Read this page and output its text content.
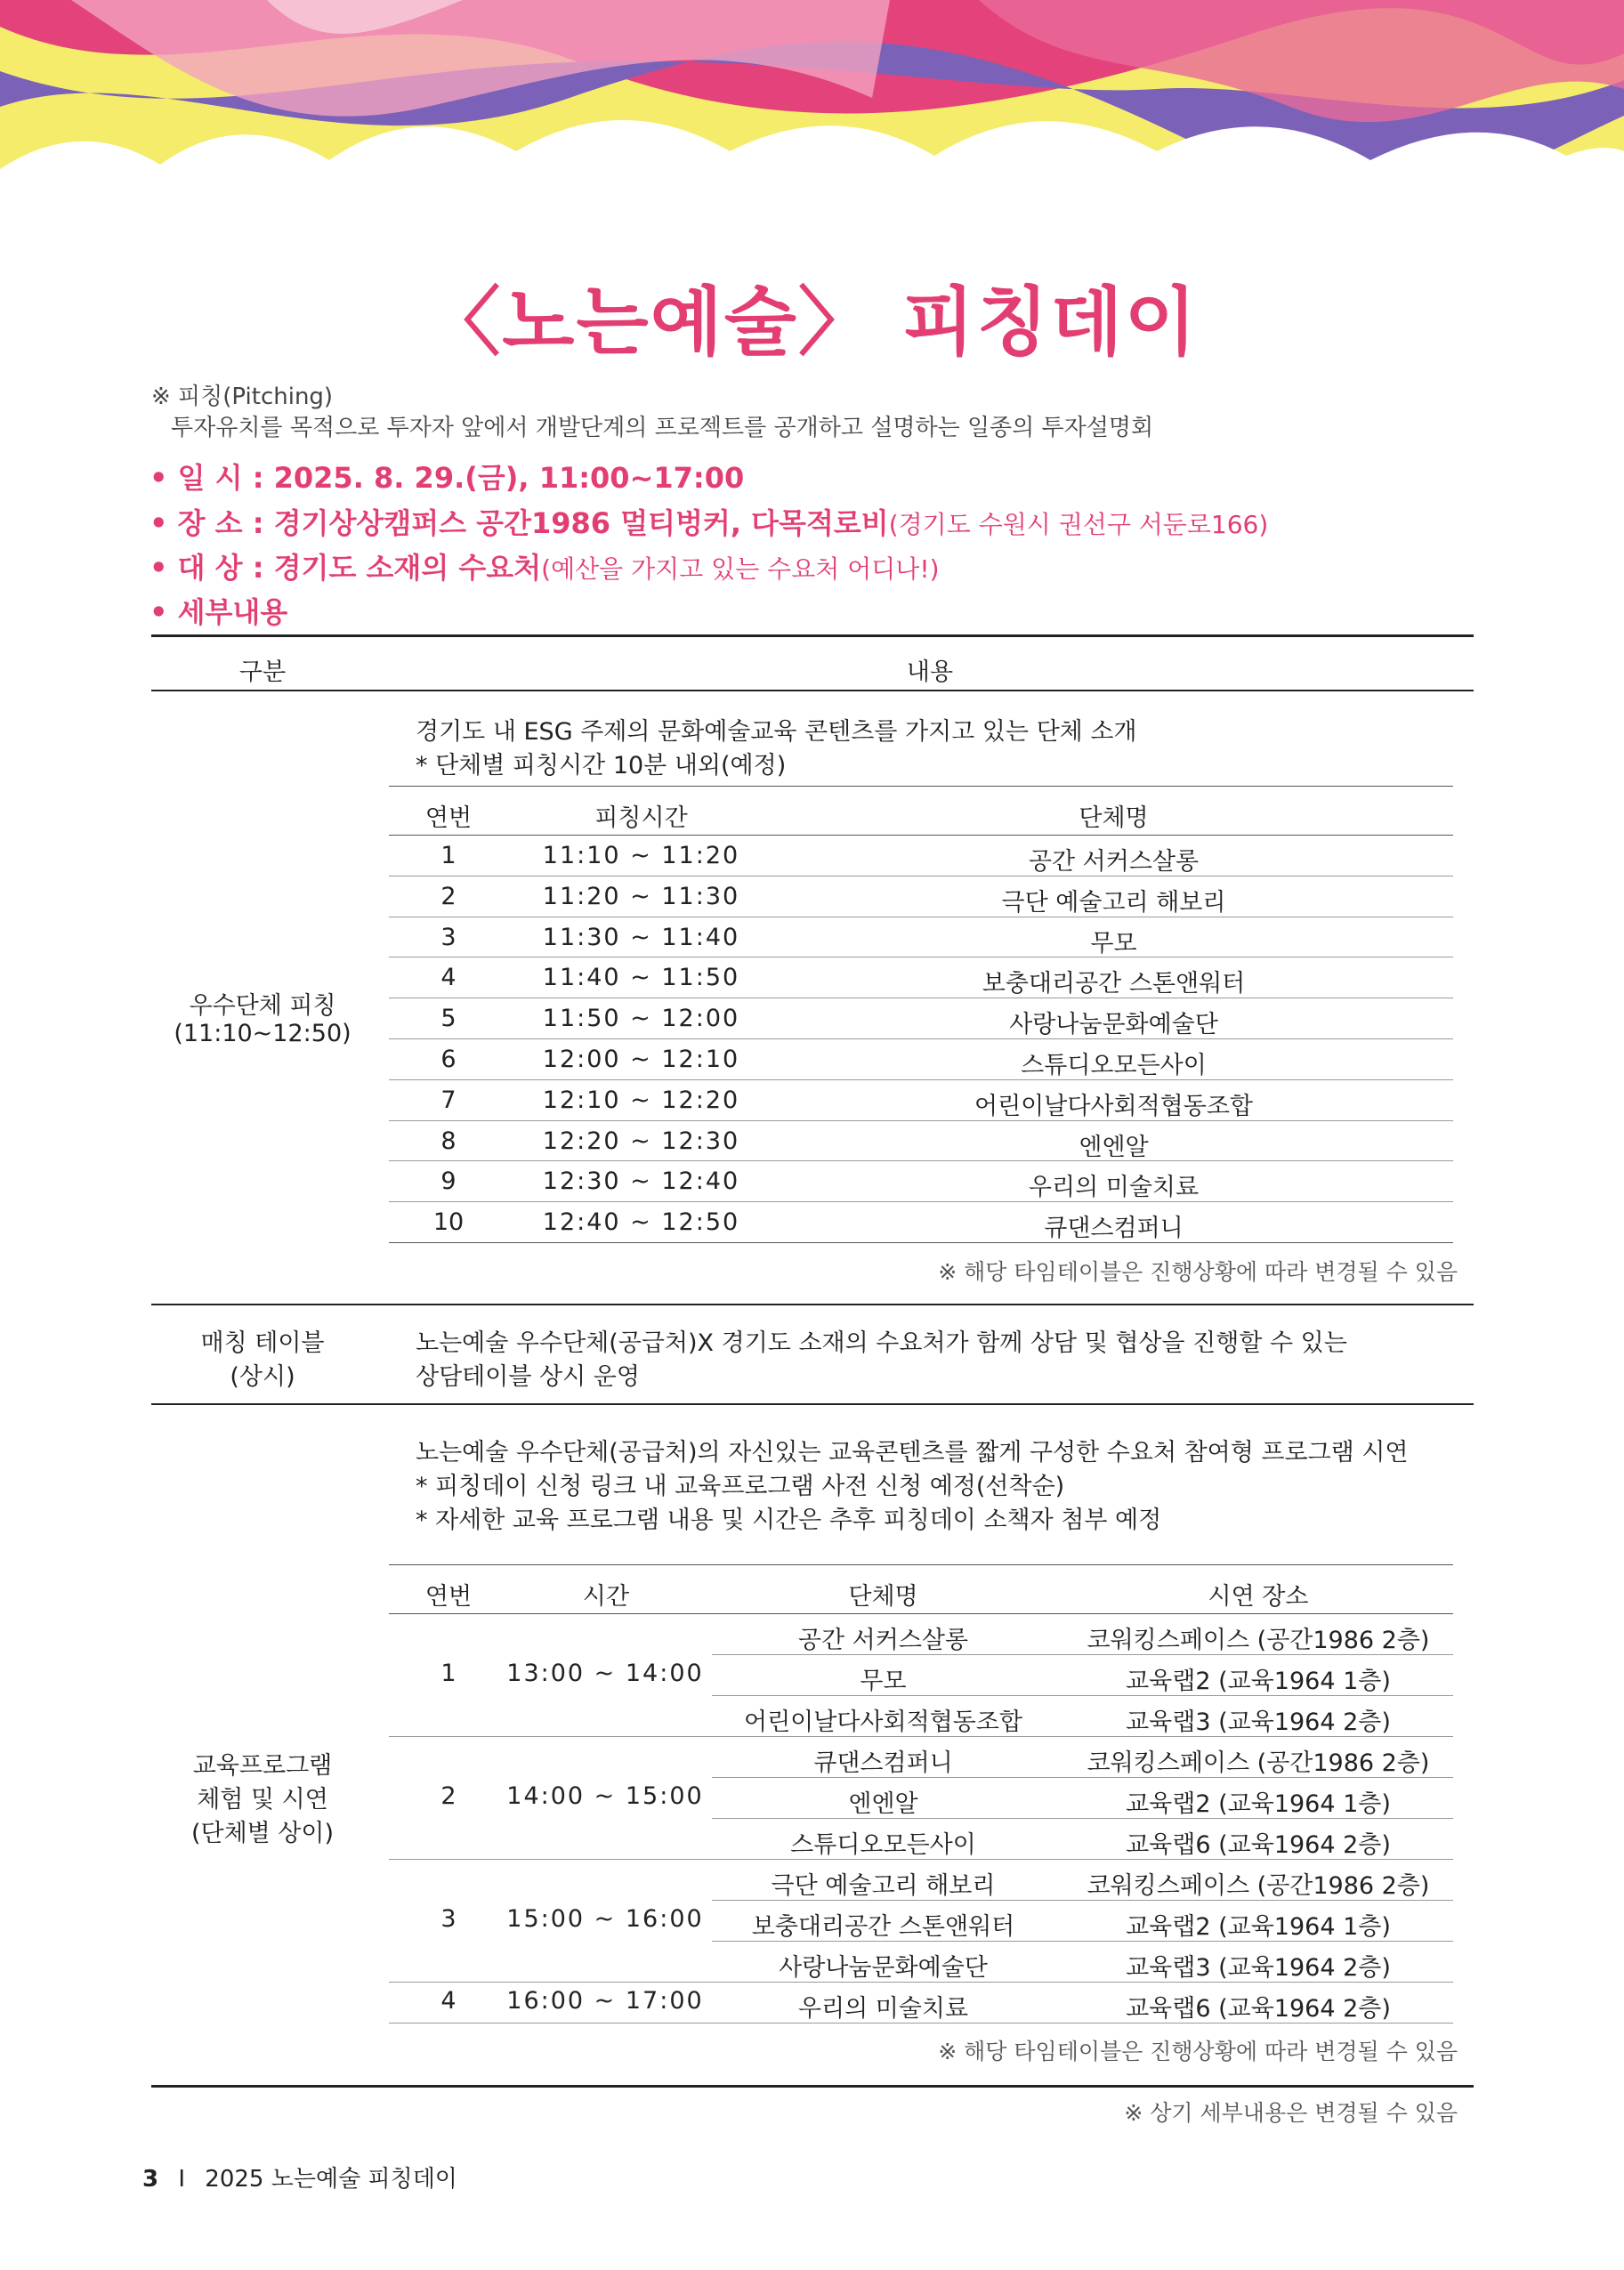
〈노는예술〉 피칭데이
※ 피칭(Pitching)
투자유치를 목적으로 투자자 앞에서 개발단계의 프로젝트를 공개하고 설명하는 일종의 투자설명회
• 일 시 : 2025. 8. 29.(금), 11:00~17:00
• 장 소 : 경기상상캠퍼스 공간1986 멀티벙커, 다목적로비(경기도 수원시 권선구 서둔로166)
• 대 상 : 경기도 소재의 수요처(예산을 가지고 있는 수요처 어디나!)
• 세부내용
구분	내용
우수단체 피칭
(11:10~12:50)
경기도 내 ESG 주제의 문화예술교육 콘텐츠를 가지고 있는 단체 소개
* 단체별 피칭시간 10분 내외(예정)
연번	피칭시간	단체명
1	11:10 ~ 11:20	공간 서커스살롱
2	11:20 ~ 11:30	극단 예술고리 해보리
3	11:30 ~ 11:40	무모
4	11:40 ~ 11:50	보충대리공간 스톤앤워터
5	11:50 ~ 12:00	사랑나눔문화예술단
6	12:00 ~ 12:10	스튜디오모든사이
7	12:10 ~ 12:20	어린이날다사회적협동조합
8	12:20 ~ 12:30	엔엔알
9	12:30 ~ 12:40	우리의 미술치료
10	12:40 ~ 12:50	큐댄스컴퍼니
※ 해당 타임테이블은 진행상황에 따라 변경될 수 있음
매칭 테이블
(상시)
노는예술 우수단체(공급처)X 경기도 소재의 수요처가 함께 상담 및 협상을 진행할 수 있는
상담테이블 상시 운영
교육프로그램
체험 및 시연
(단체별 상이)
노는예술 우수단체(공급처)의 자신있는 교육콘텐츠를 짧게 구성한 수요처 참여형 프로그램 시연
* 피칭데이 신청 링크 내 교육프로그램 사전 신청 예정(선착순)
* 자세한 교육 프로그램 내용 및 시간은 추후 피칭데이 소책자 첨부 예정
연번	시간	단체명	시연 장소
1	13:00 ~ 14:00
공간 서커스살롱	코워킹스페이스 (공간1986 2층)
무모	교육랩2 (교육1964 1층)
어린이날다사회적협동조합	교육랩3 (교육1964 2층)
2	14:00 ~ 15:00
큐댄스컴퍼니	코워킹스페이스 (공간1986 2층)
엔엔알	교육랩2 (교육1964 1층)
스튜디오모든사이	교육랩6 (교육1964 2층)
3	15:00 ~ 16:00
극단 예술고리 해보리	코워킹스페이스 (공간1986 2층)
보충대리공간 스톤앤워터	교육랩2 (교육1964 1층)
사랑나눔문화예술단	교육랩3 (교육1964 2층)
4	16:00 ~ 17:00	우리의 미술치료	교육랩6 (교육1964 2층)
※ 해당 타임테이블은 진행상황에 따라 변경될 수 있음
※ 상기 세부내용은 변경될 수 있음
3 I 2025 노는예술 피칭데이
